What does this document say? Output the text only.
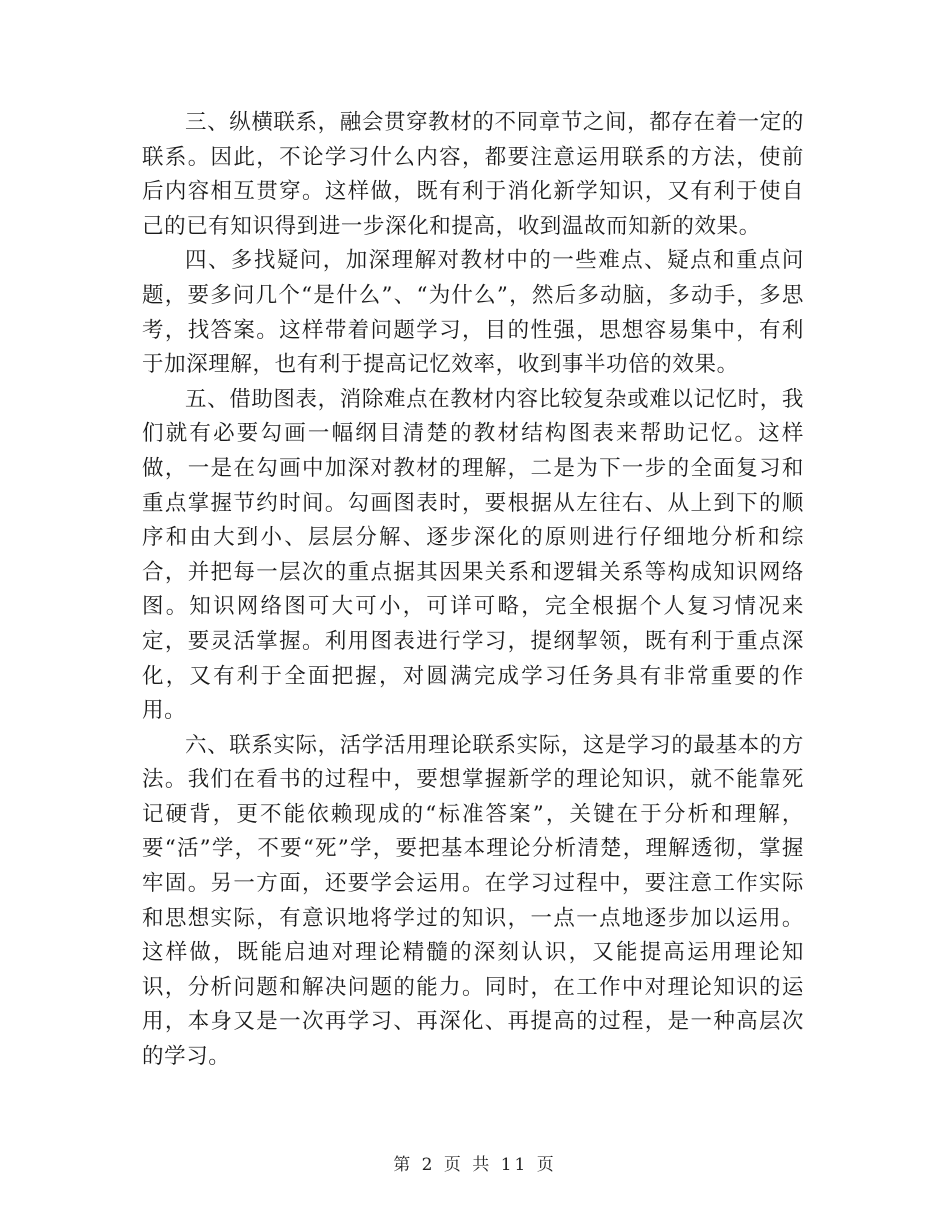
三、纵横联系，融会贯穿教材的不同章节之间，都存在着一定的联系。因此，不论学习什么内容，都要注意运用联系的方法，使前后内容相互贯穿。这样做，既有利于消化新学知识，又有利于使自己的已有知识得到进一步深化和提高，收到温故而知新的效果。

四、多找疑问，加深理解对教材中的一些难点、疑点和重点问题，要多问几个“是什么”、“为什么”，然后多动脑，多动手，多思考，找答案。这样带着问题学习，目的性强，思想容易集中，有利于加深理解，也有利于提高记忆效率，收到事半功倍的效果。

五、借助图表，消除难点在教材内容比较复杂或难以记忆时，我们就有必要勾画一幅纲目清楚的教材结构图表来帮助记忆。这样做，一是在勾画中加深对教材的理解，二是为下一步的全面复习和重点掌握节约时间。勾画图表时，要根据从左往右、从上到下的顺序和由大到小、层层分解、逐步深化的原则进行仔细地分析和综合，并把每一层次的重点据其因果关系和逻辑关系等构成知识网络图。知识网络图可大可小，可详可略，完全根据个人复习情况来定，要灵活掌握。利用图表进行学习，提纲挈领，既有利于重点深化，又有利于全面把握，对圆满完成学习任务具有非常重要的作用。

六、联系实际，活学活用理论联系实际，这是学习的最基本的方法。我们在看书的过程中，要想掌握新学的理论知识，就不能靠死记硬背，更不能依赖现成的“标准答案”，关键在于分析和理解，要“活”学，不要“死”学，要把基本理论分析清楚，理解透彻，掌握牢固。另一方面，还要学会运用。在学习过程中，要注意工作实际和思想实际，有意识地将学过的知识，一点一点地逐步加以运用。这样做，既能启迪对理论精髓的深刻认识，又能提高运用理论知识，分析问题和解决问题的能力。同时，在工作中对理论知识的运用，本身又是一次再学习、再深化、再提高的过程，是一种高层次的学习。

第 2 页 共 11 页
